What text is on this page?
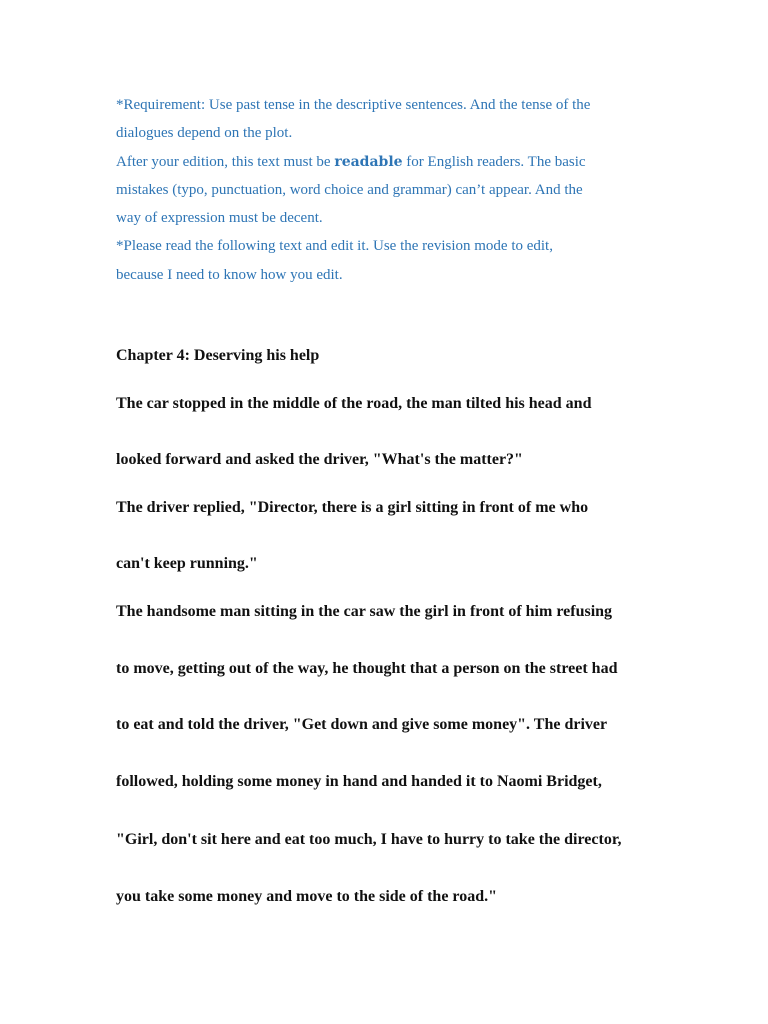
*Requirement: Use past tense in the descriptive sentences. And the tense of the
dialogues depend on the plot.
After your edition, this text must be readable for English readers. The basic
mistakes (typo, punctuation, word choice and grammar) can’t appear. And the
way of expression must be decent.
*Please read the following text and edit it. Use the revision mode to edit,
because I need to know how you edit.
Chapter 4: Deserving his help
The car stopped in the middle of the road, the man tilted his head and
looked forward and asked the driver, "What's the matter?"
The driver replied, "Director, there is a girl sitting in front of me who
can't keep running."
The handsome man sitting in the car saw the girl in front of him refusing
to move, getting out of the way, he thought that a person on the street had
to eat and told the driver, "Get down and give some money". The driver
followed, holding some money in hand and handed it to Naomi Bridget,
"Girl, don't sit here and eat too much, I have to hurry to take the director,
you take some money and move to the side of the road."
